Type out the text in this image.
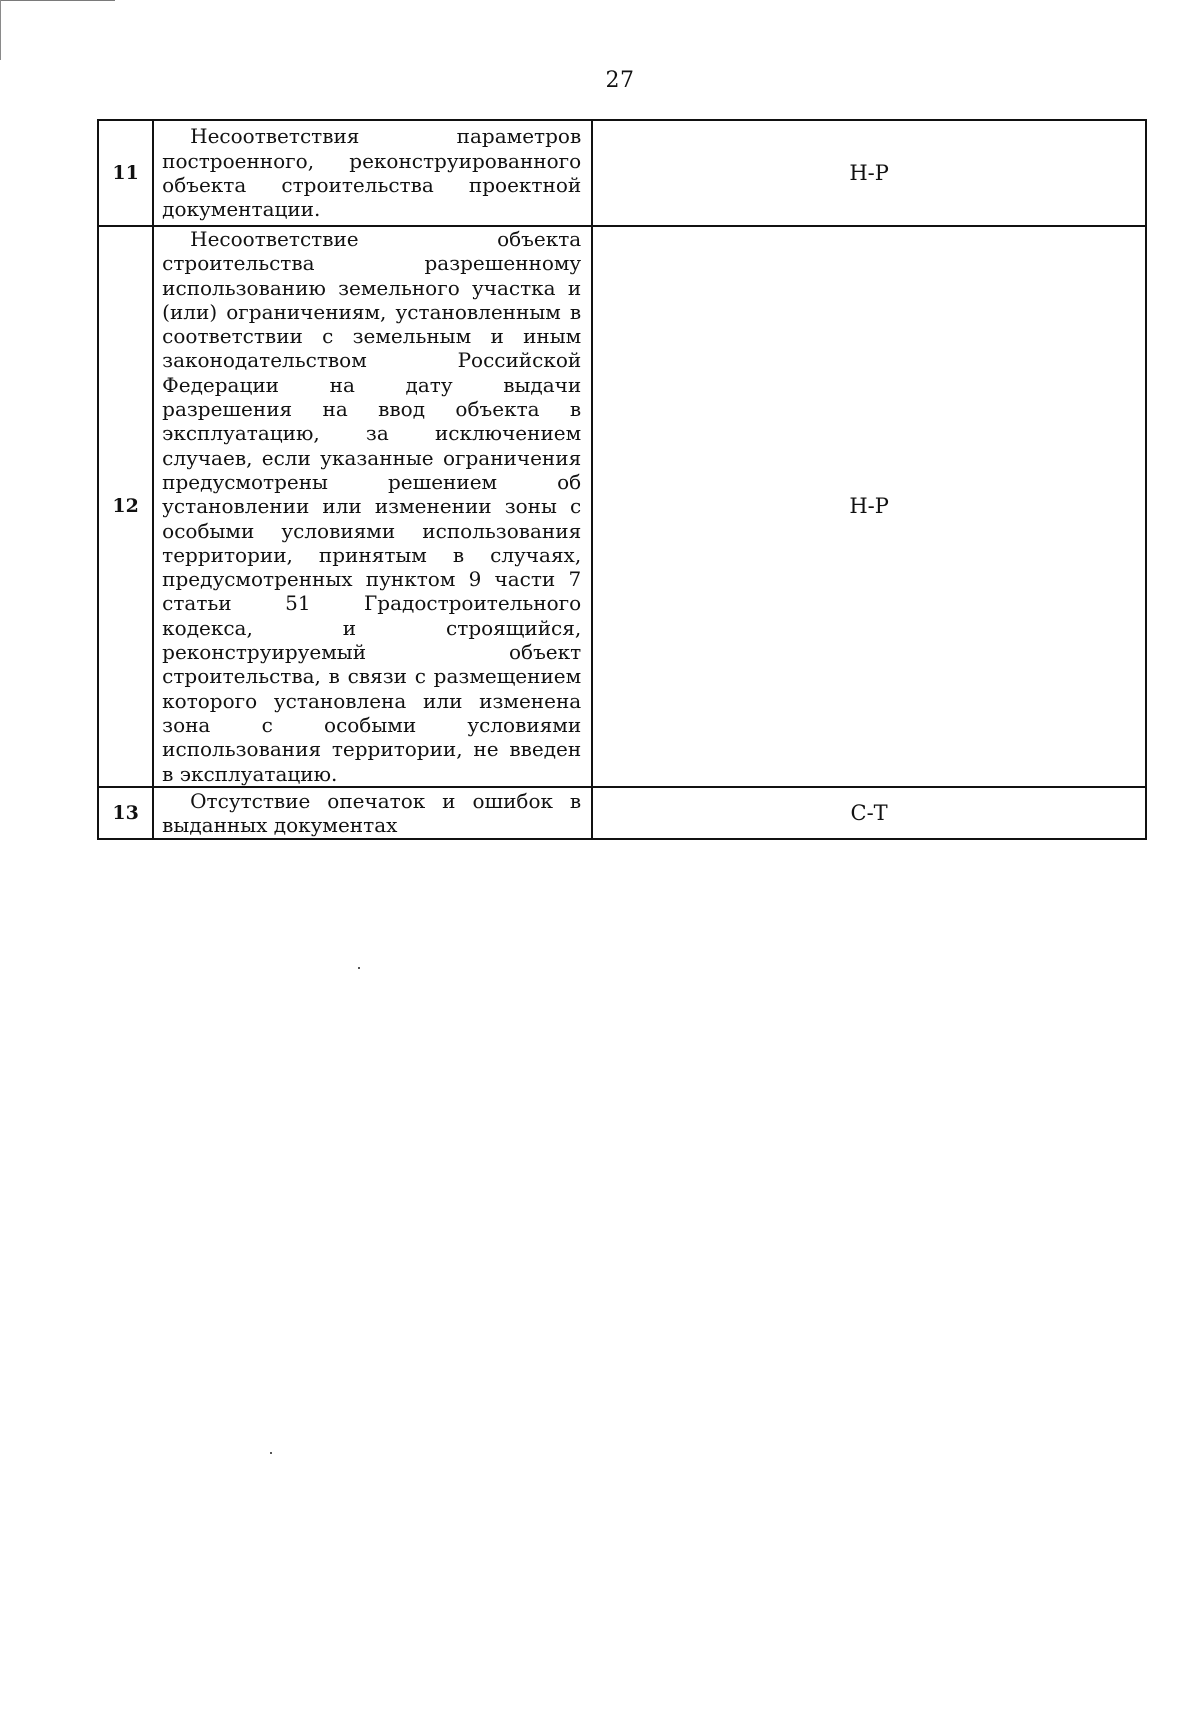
27
11	Несоответствия параметров построенного, реконструированного объекта строительства проектной документации.	Н-Р
12	Несоответствие объекта строительства разрешенному использованию земельного участка и (или) ограничениям, установленным в соответствии с земельным и иным законодательством Российской Федерации на дату выдачи разрешения на ввод объекта в эксплуатацию, за исключением случаев, если указанные ограничения предусмотрены решением об установлении или изменении зоны с особыми условиями использования территории, принятым в случаях, предусмотренных пунктом 9 части 7 статьи 51 Градостроительного кодекса, и строящийся, реконструируемый объект строительства, в связи с размещением которого установлена или изменена зона с особыми условиями использования территории, не введен в эксплуатацию.	Н-Р
13	Отсутствие опечаток и ошибок в выданных документах	С-Т
